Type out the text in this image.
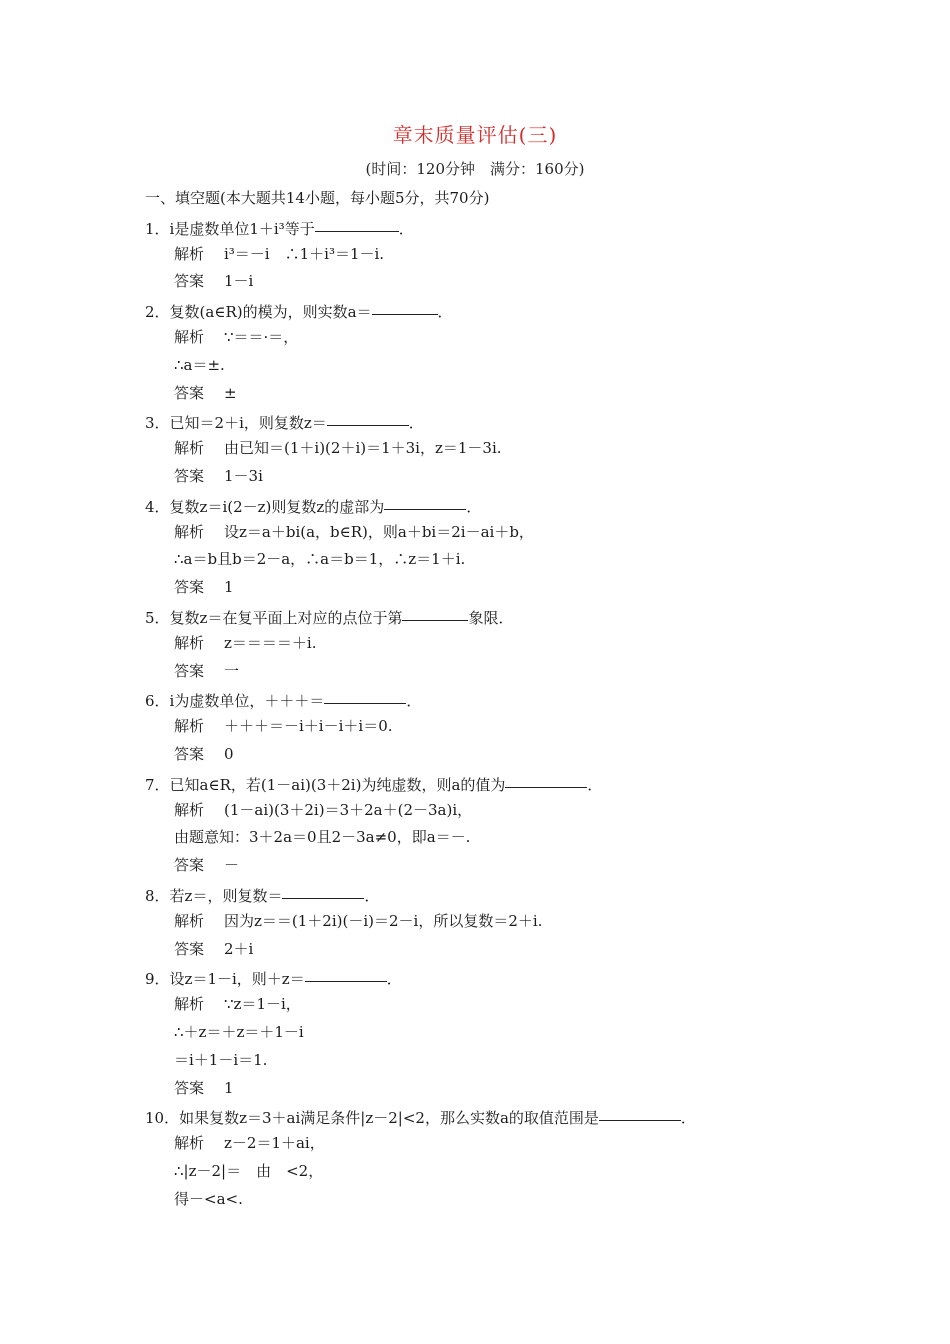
章末质量评估(三)
(时间：120分钟　满分：160分)
一、填空题(本大题共14小题，每小题5分，共70分)
1．i是虚数单位1＋i³等于	．
解析 i³＝－i　∴1＋i³＝1－i.
答案 1－i
2．复数(a∈R)的模为，则实数a＝	．
解析 ∵＝＝·＝，
∴a＝±.
答案 ±
3．已知＝2＋i，则复数z＝	．
解析 由已知＝(1＋i)(2＋i)＝1＋3i，z＝1－3i.
答案 1－3i
4．复数z＝i(2－z)则复数z的虚部为	．
解析 设z＝a＋bi(a，b∈R)，则a＋bi＝2i－ai＋b，
∴a＝b且b＝2－a，∴a＝b＝1，∴z＝1＋i.
答案 1
5．复数z＝在复平面上对应的点位于第	象限．
解析 z＝＝＝＝＋i.
答案 一
6．i为虚数单位，＋＋＋＝	．
解析 ＋＋＋＝－i＋i－i＋i＝0.
答案 0
7．已知a∈R，若(1－ai)(3＋2i)为纯虚数，则a的值为	．
解析 (1－ai)(3＋2i)＝3＋2a＋(2－3a)i，
由题意知：3＋2a＝0且2－3a≠0，即a＝－.
答案 －
8．若z＝，则复数＝	．
解析 因为z＝＝(1＋2i)(－i)＝2－i，所以复数＝2＋i.
答案 2＋i
9．设z＝1－i，则＋z＝	．
解析 ∵z＝1－i，
∴＋z＝＋z＝＋1－i
＝i＋1－i＝1.
答案 1
10．如果复数z＝3＋ai满足条件|z－2|<2，那么实数a的取值范围是	．
解析 z－2＝1＋ai，
∴|z－2|＝　由　<2，
得－<a<.
